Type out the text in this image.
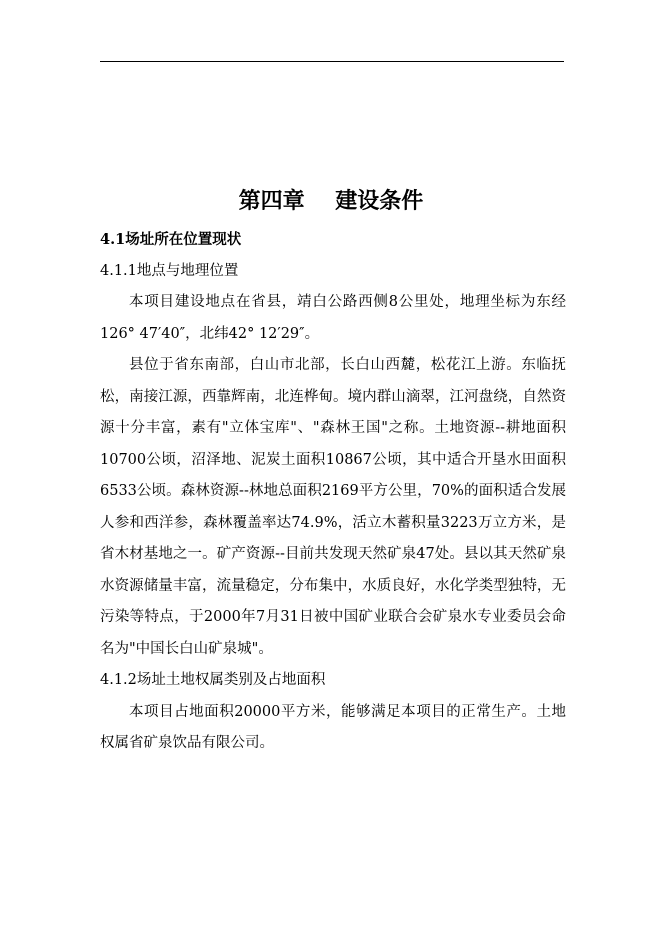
第四章    建设条件

4.1场址所在位置现状

4.1.1地点与地理位置

本项目建设地点在省县，靖白公路西侧8公里处，地理坐标为东经126° 47′40″，北纬42° 12′29″。

县位于省东南部，白山市北部，长白山西麓，松花江上游。东临抚松，南接江源，西靠辉南，北连桦甸。境内群山滴翠，江河盘绕，自然资源十分丰富，素有"立体宝库"、"森林王国"之称。土地资源--耕地面积10700公顷，沼泽地、泥炭土面积10867公顷，其中适合开垦水田面积6533公顷。森林资源--林地总面积2169平方公里，70%的面积适合发展人参和西洋参，森林覆盖率达74.9%，活立木蓄积量3223万立方米，是省木材基地之一。矿产资源--目前共发现天然矿泉47处。县以其天然矿泉水资源储量丰富，流量稳定，分布集中，水质良好，水化学类型独特，无污染等特点，于2000年7月31日被中国矿业联合会矿泉水专业委员会命名为"中国长白山矿泉城"。

4.1.2场址土地权属类别及占地面积

本项目占地面积20000平方米，能够满足本项目的正常生产。土地权属省矿泉饮品有限公司。
